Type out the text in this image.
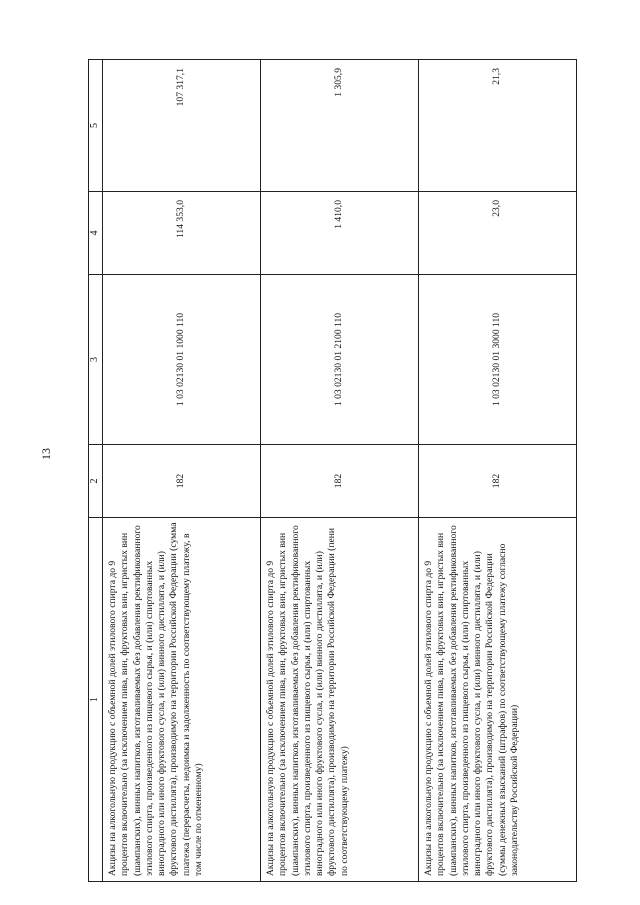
13
1	2	3	4	5
Акцизы на алкогольную продукцию с объемной долей этилового спирта до 9 процентов включительно (за исключением пива, вин, фруктовых вин, игристых вин (шампанских), винных напитков, изготавливаемых без добавления ректификованного этилового спирта, произведенного из пищевого сырья, и (или) спиртованных виноградного или иного фруктового сусла, и (или) винного дистиллята, и (или) фруктового дистиллята), производимую на территории Российской Федерации (сумма платежа (перерасчеты, недоимка и задолженность по соответствующему платежу, в том числе по отмененному)	182	1 03 02130 01 1000 110	114 353,0	107 317,1
Акцизы на алкогольную продукцию с объемной долей этилового спирта до 9 процентов включительно (за исключением пива, вин, фруктовых вин, игристых вин (шампанских), винных напитков, изготавливаемых без добавления ректификованного этилового спирта, произведенного из пищевого сырья, и (или) спиртованных виноградного или иного фруктового сусла, и (или) винного дистиллята, и (или) фруктового дистиллята), производимую на территории Российской Федерации (пени по соответствующему платежу)	182	1 03 02130 01 2100 110	1 410,0	1 305,9
Акцизы на алкогольную продукцию с объемной долей этилового спирта до 9 процентов включительно (за исключением пива, вин, фруктовых вин, игристых вин (шампанских), винных напитков, изготавливаемых без добавления ректификованного этилового спирта, произведенного из пищевого сырья, и (или) спиртованных виноградного или иного фруктового сусла, и (или) винного дистиллята, и (или) фруктового дистиллята), производимую на территории Российской Федерации (суммы денежных взысканий (штрафов) по соответствующему платежу согласно законодательству Российской Федерации)	182	1 03 02130 01 3000 110	23,0	21,3
